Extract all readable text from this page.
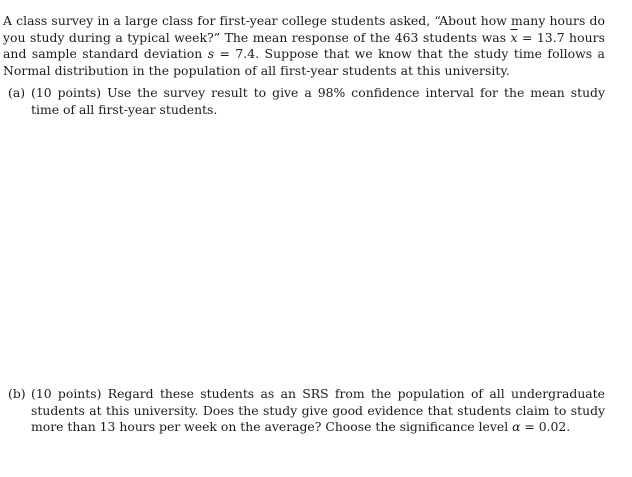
A class survey in a large class for first-year college students asked, “About how many hours do you study during a typical week?” The mean response of the 463 students was $\overline{x} = 13.7$ hours and sample standard deviation s = 7.4. Suppose that we know that the study time follows a Normal distribution in the population of all first-year students at this university.

(a) (10 points) Use the survey result to give a 98% confidence interval for the mean study time of all first-year students.
(b) (10 points) Regard these students as an SRS from the population of all undergraduate students at this university. Does the study give good evidence that students claim to study more than 13 hours per week on the average? Choose the significance level α = 0.02.
